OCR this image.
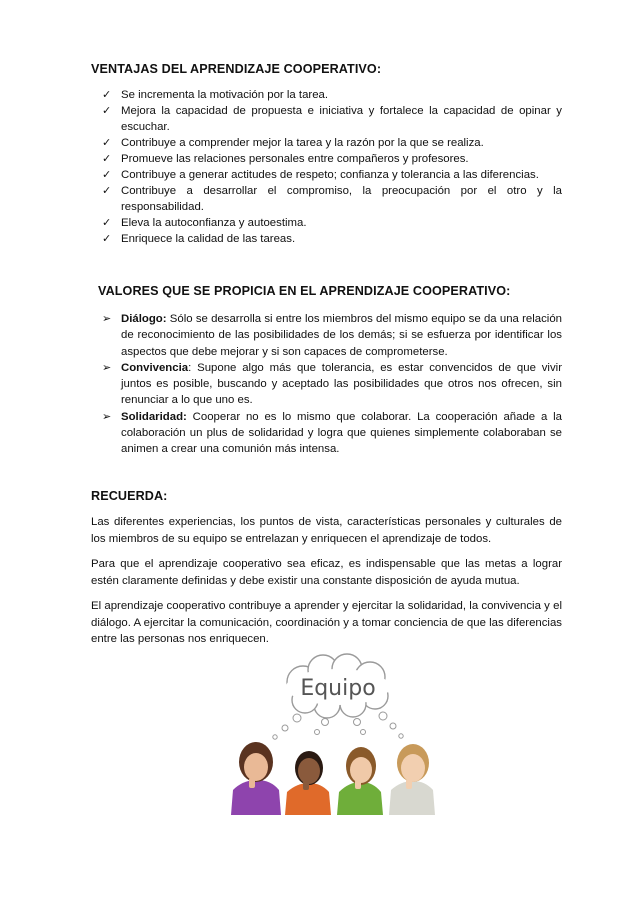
VENTAJAS DEL APRENDIZAJE COOPERATIVO:
✓ Se incrementa la motivación por la tarea.
✓ Mejora la capacidad de propuesta e iniciativa y fortalece la capacidad de opinar y escuchar.
✓ Contribuye a comprender mejor la tarea y la razón por la que se realiza.
✓ Promueve las relaciones personales entre compañeros y profesores.
✓ Contribuye a generar actitudes de respeto; confianza y tolerancia a las diferencias.
✓ Contribuye a desarrollar el compromiso, la preocupación por el otro y la responsabilidad.
✓ Eleva la autoconfianza y autoestima.
✓ Enriquece la calidad de las tareas.
VALORES QUE SE PROPICIA EN EL APRENDIZAJE COOPERATIVO:
➢ Diálogo: Sólo se desarrolla si entre los miembros del mismo equipo se da una relación de reconocimiento de las posibilidades de los demás; si se esfuerza por identificar los aspectos que debe mejorar y si son capaces de comprometerse.
➢ Convivencia: Supone algo más que tolerancia, es estar convencidos de que vivir juntos es posible, buscando y aceptado las posibilidades que otros nos ofrecen, sin renunciar a lo que uno es.
➢ Solidaridad: Cooperar no es lo mismo que colaborar. La cooperación añade a la colaboración un plus de solidaridad y logra que quienes simplemente colaboraban se animen a crear una comunión más intensa.
RECUERDA:

Las diferentes experiencias, los puntos de vista, características personales y culturales de los miembros de su equipo se entrelazan y enriquecen el aprendizaje de todos.

Para que el aprendizaje cooperativo sea eficaz, es indispensable que las metas a lograr estén claramente definidas y debe existir una constante disposición de ayuda mutua.

El aprendizaje cooperativo contribuye a aprender y ejercitar la solidaridad, la convivencia y el diálogo. A ejercitar la comunicación, coordinación y a tomar conciencia de que las diferencias entre las personas nos enriquecen.

Equipo
